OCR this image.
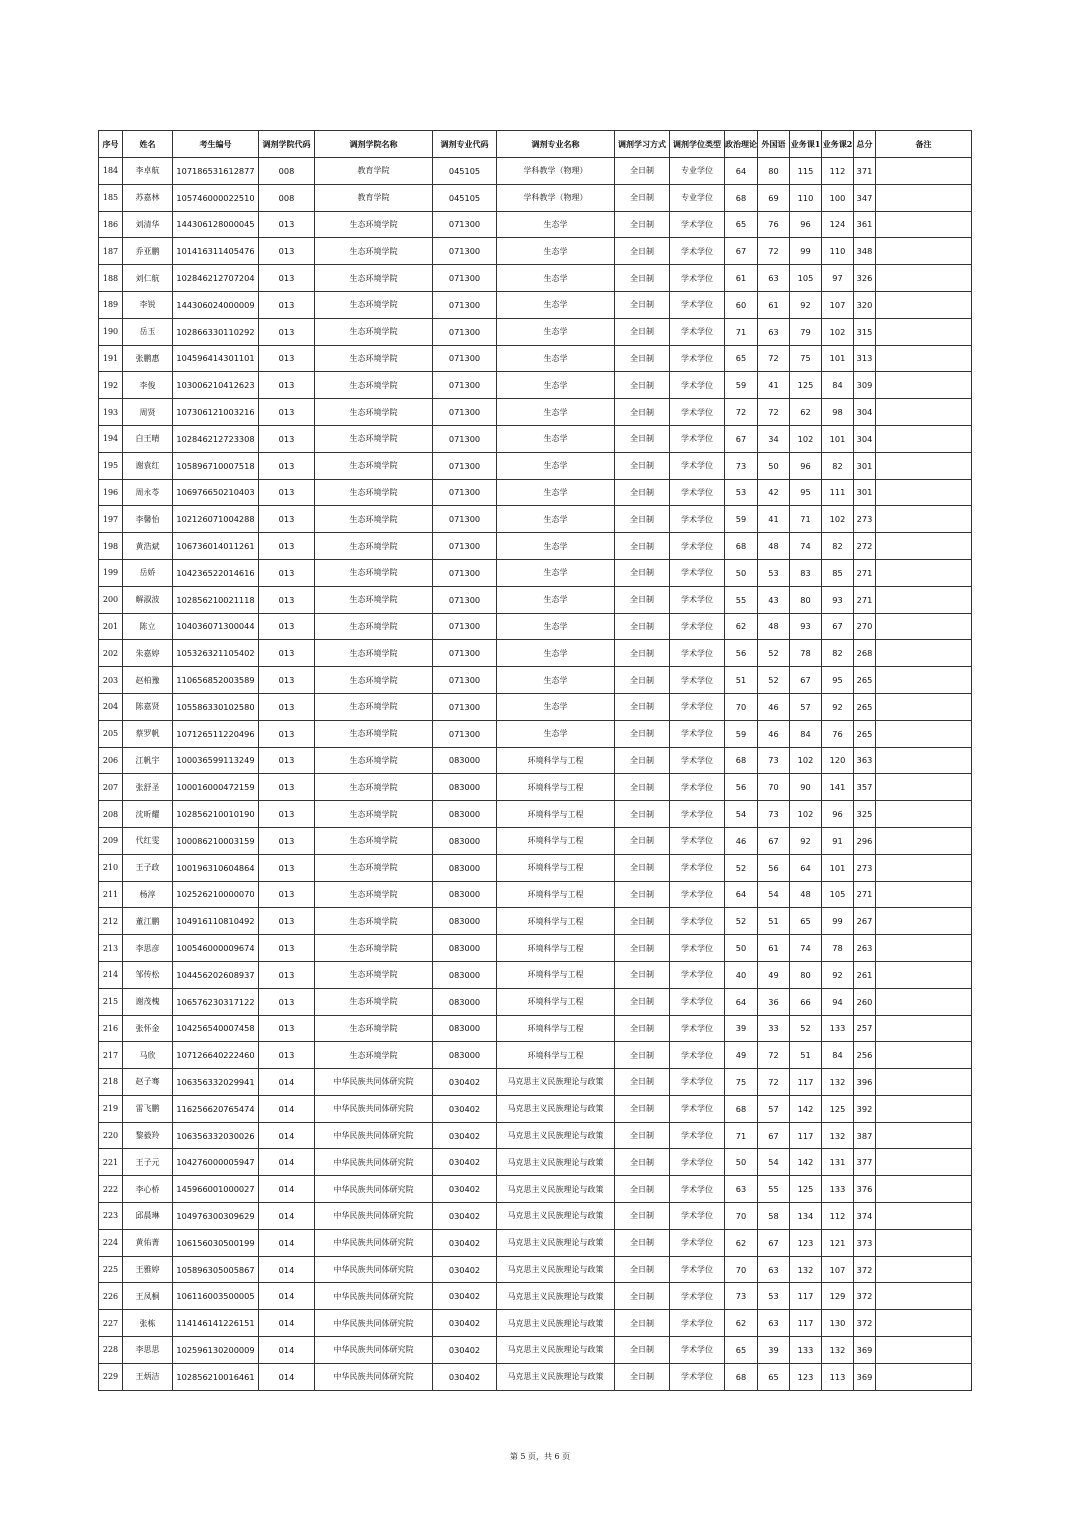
序号	姓名	考生编号	调剂学院代码	调剂学院名称	调剂专业代码	调剂专业名称	调剂学习方式	调剂学位类型	政治理论	外国语	业务课1	业务课2	总分	备注
184	李卓航	107186531612877	008	教育学院	045105	学科教学（物理）	全日制	专业学位	64	80	115	112	371	
185	苏嘉林	105746000022510	008	教育学院	045105	学科教学（物理）	全日制	专业学位	68	69	110	100	347	
186	刘清华	144306128000045	013	生态环境学院	071300	生态学	全日制	学术学位	65	76	96	124	361	
187	乔亚鹏	101416311405476	013	生态环境学院	071300	生态学	全日制	学术学位	67	72	99	110	348	
188	刘仁航	102846212707204	013	生态环境学院	071300	生态学	全日制	学术学位	61	63	105	97	326	
189	李锐	144306024000009	013	生态环境学院	071300	生态学	全日制	学术学位	60	61	92	107	320	
190	岳玉	102866330110292	013	生态环境学院	071300	生态学	全日制	学术学位	71	63	79	102	315	
191	张鹏惠	104596414301101	013	生态环境学院	071300	生态学	全日制	学术学位	65	72	75	101	313	
192	李俊	103006210412623	013	生态环境学院	071300	生态学	全日制	学术学位	59	41	125	84	309	
193	周贤	107306121003216	013	生态环境学院	071300	生态学	全日制	学术学位	72	72	62	98	304	
194	白王晴	102846212723308	013	生态环境学院	071300	生态学	全日制	学术学位	67	34	102	101	304	
195	谢袁红	105896710007518	013	生态环境学院	071300	生态学	全日制	学术学位	73	50	96	82	301	
196	周永苓	106976650210403	013	生态环境学院	071300	生态学	全日制	学术学位	53	42	95	111	301	
197	李馨怡	102126071004288	013	生态环境学院	071300	生态学	全日制	学术学位	59	41	71	102	273	
198	黄浩斌	106736014011261	013	生态环境学院	071300	生态学	全日制	学术学位	68	48	74	82	272	
199	岳娇	104236522014616	013	生态环境学院	071300	生态学	全日制	学术学位	50	53	83	85	271	
200	解淑波	102856210021118	013	生态环境学院	071300	生态学	全日制	学术学位	55	43	80	93	271	
201	陈立	104036071300044	013	生态环境学院	071300	生态学	全日制	学术学位	62	48	93	67	270	
202	朱嘉婷	105326321105402	013	生态环境学院	071300	生态学	全日制	学术学位	56	52	78	82	268	
203	赵柏豫	110656852003589	013	生态环境学院	071300	生态学	全日制	学术学位	51	52	67	95	265	
204	陈嘉贤	105586330102580	013	生态环境学院	071300	生态学	全日制	学术学位	70	46	57	92	265	
205	蔡罗帆	107126511220496	013	生态环境学院	071300	生态学	全日制	学术学位	59	46	84	76	265	
206	江帆宇	100036599113249	013	生态环境学院	083000	环境科学与工程	全日制	学术学位	68	73	102	120	363	
207	张舒圣	100016000472159	013	生态环境学院	083000	环境科学与工程	全日制	学术学位	56	70	90	141	357	
208	沈昕耀	102856210010190	013	生态环境学院	083000	环境科学与工程	全日制	学术学位	54	73	102	96	325	
209	代红雯	100086210003159	013	生态环境学院	083000	环境科学与工程	全日制	学术学位	46	67	92	91	296	
210	王子政	100196310604864	013	生态环境学院	083000	环境科学与工程	全日制	学术学位	52	56	64	101	273	
211	杨淳	102526210000070	013	生态环境学院	083000	环境科学与工程	全日制	学术学位	64	54	48	105	271	
212	董江鹏	104916110810492	013	生态环境学院	083000	环境科学与工程	全日制	学术学位	52	51	65	99	267	
213	李思彦	100546000009674	013	生态环境学院	083000	环境科学与工程	全日制	学术学位	50	61	74	78	263	
214	邹传松	104456202608937	013	生态环境学院	083000	环境科学与工程	全日制	学术学位	40	49	80	92	261	
215	谢茂槐	106576230317122	013	生态环境学院	083000	环境科学与工程	全日制	学术学位	64	36	66	94	260	
216	张怀金	104256540007458	013	生态环境学院	083000	环境科学与工程	全日制	学术学位	39	33	52	133	257	
217	马欣	107126640222460	013	生态环境学院	083000	环境科学与工程	全日制	学术学位	49	72	51	84	256	
218	赵子骞	106356332029941	014	中华民族共同体研究院	030402	马克思主义民族理论与政策	全日制	学术学位	75	72	117	132	396	
219	雷飞鹏	116256620765474	014	中华民族共同体研究院	030402	马克思主义民族理论与政策	全日制	学术学位	68	57	142	125	392	
220	黎毅羚	106356332030026	014	中华民族共同体研究院	030402	马克思主义民族理论与政策	全日制	学术学位	71	67	117	132	387	
221	王子元	104276000005947	014	中华民族共同体研究院	030402	马克思主义民族理论与政策	全日制	学术学位	50	54	142	131	377	
222	李心桥	145966001000027	014	中华民族共同体研究院	030402	马克思主义民族理论与政策	全日制	学术学位	63	55	125	133	376	
223	邱晨琳	104976300309629	014	中华民族共同体研究院	030402	马克思主义民族理论与政策	全日制	学术学位	70	58	134	112	374	
224	黄佑菁	106156030500199	014	中华民族共同体研究院	030402	马克思主义民族理论与政策	全日制	学术学位	62	67	123	121	373	
225	王雅婷	105896305005867	014	中华民族共同体研究院	030402	马克思主义民族理论与政策	全日制	学术学位	70	63	132	107	372	
226	王凤桐	106116003500005	014	中华民族共同体研究院	030402	马克思主义民族理论与政策	全日制	学术学位	73	53	117	129	372	
227	张栋	114146141226151	014	中华民族共同体研究院	030402	马克思主义民族理论与政策	全日制	学术学位	62	63	117	130	372	
228	李思思	102596130200009	014	中华民族共同体研究院	030402	马克思主义民族理论与政策	全日制	学术学位	65	39	133	132	369	
229	王炳洁	102856210016461	014	中华民族共同体研究院	030402	马克思主义民族理论与政策	全日制	学术学位	68	65	123	113	369	
第 5 页，共 6 页
